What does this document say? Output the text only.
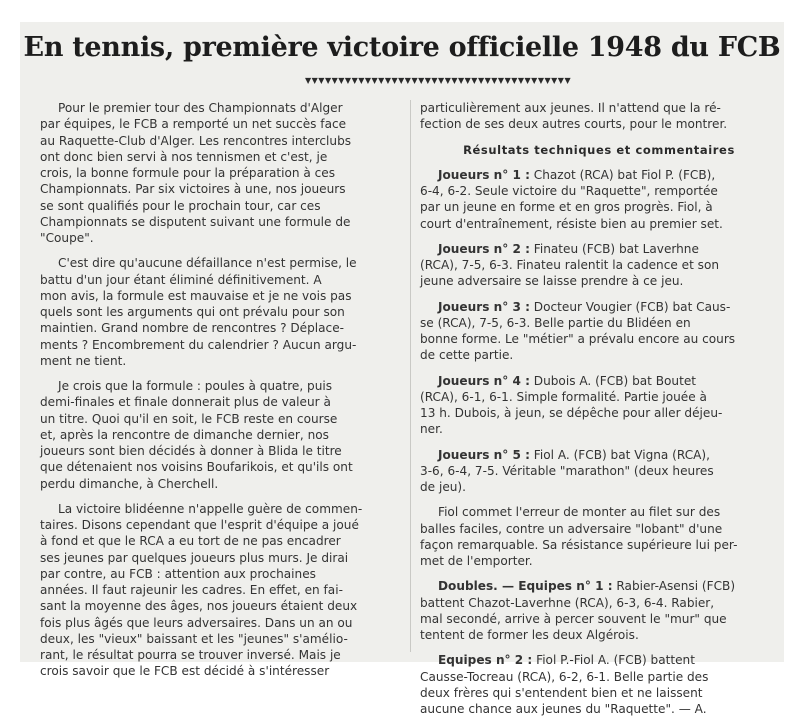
En tennis, première victoire officielle 1948 du FCB
▼▼▼▼▼▼▼▼▼▼▼▼▼▼▼▼▼▼▼▼▼▼▼▼▼▼▼▼▼▼▼▼▼▼▼▼▼▼▼▼

Pour le premier tour des Championnats d'Alger
par équipes, le FCB a remporté un net succès face
au Raquette-Club d'Alger. Les rencontres interclubs
ont donc bien servi à nos tennismen et c'est, je
crois, la bonne formule pour la préparation à ces
Championnats. Par six victoires à une, nos joueurs
se sont qualifiés pour le prochain tour, car ces
Championnats se disputent suivant une formule de
"Coupe".

C'est dire qu'aucune défaillance n'est permise, le
battu d'un jour étant éliminé définitivement. A
mon avis, la formule est mauvaise et je ne vois pas
quels sont les arguments qui ont prévalu pour son
maintien. Grand nombre de rencontres ? Déplace-
ments ? Encombrement du calendrier ? Aucun argu-
ment ne tient.

Je crois que la formule : poules à quatre, puis
demi-finales et finale donnerait plus de valeur à
un titre. Quoi qu'il en soit, le FCB reste en course
et, après la rencontre de dimanche dernier, nos
joueurs sont bien décidés à donner à Blida le titre
que détenaient nos voisins Boufarikois, et qu'ils ont
perdu dimanche, à Cherchell.

La victoire blidéenne n'appelle guère de commen-
taires. Disons cependant que l'esprit d'équipe a joué
à fond et que le RCA a eu tort de ne pas encadrer
ses jeunes par quelques joueurs plus murs. Je dirai
par contre, au FCB : attention aux prochaines
années. Il faut rajeunir les cadres. En effet, en fai-
sant la moyenne des âges, nos joueurs étaient deux
fois plus âgés que leurs adversaires. Dans un an ou
deux, les "vieux" baissant et les "jeunes" s'amélio-
rant, le résultat pourra se trouver inversé. Mais je
crois savoir que le FCB est décidé à s'intéresser

particulièrement aux jeunes. Il n'attend que la ré-
fection de ses deux autres courts, pour le montrer.

Résultats techniques et commentaires

Joueurs n° 1 : Chazot (RCA) bat Fiol P. (FCB),
6-4, 6-2. Seule victoire du "Raquette", remportée
par un jeune en forme et en gros progrès. Fiol, à
court d'entraînement, résiste bien au premier set.

Joueurs n° 2 : Finateu (FCB) bat Laverhne
(RCA), 7-5, 6-3. Finateu ralentit la cadence et son
jeune adversaire se laisse prendre à ce jeu.

Joueurs n° 3 : Docteur Vougier (FCB) bat Caus-
se (RCA), 7-5, 6-3. Belle partie du Blidéen en
bonne forme. Le "métier" a prévalu encore au cours
de cette partie.

Joueurs n° 4 : Dubois A. (FCB) bat Boutet
(RCA), 6-1, 6-1. Simple formalité. Partie jouée à
13 h. Dubois, à jeun, se dépêche pour aller déjeu-
ner.

Joueurs n° 5 : Fiol A. (FCB) bat Vigna (RCA),
3-6, 6-4, 7-5. Véritable "marathon" (deux heures
de jeu).

Fiol commet l'erreur de monter au filet sur des
balles faciles, contre un adversaire "lobant" d'une
façon remarquable. Sa résistance supérieure lui per-
met de l'emporter.

Doubles. — Equipes n° 1 : Rabier-Asensi (FCB)
battent Chazot-Laverhne (RCA), 6-3, 6-4. Rabier,
mal secondé, arrive à percer souvent le "mur" que
tentent de former les deux Algérois.

Equipes n° 2 : Fiol P.-Fiol A. (FCB) battent
Causse-Tocreau (RCA), 6-2, 6-1. Belle partie des
deux frères qui s'entendent bien et ne laissent
aucune chance aux jeunes du "Raquette". — A.
